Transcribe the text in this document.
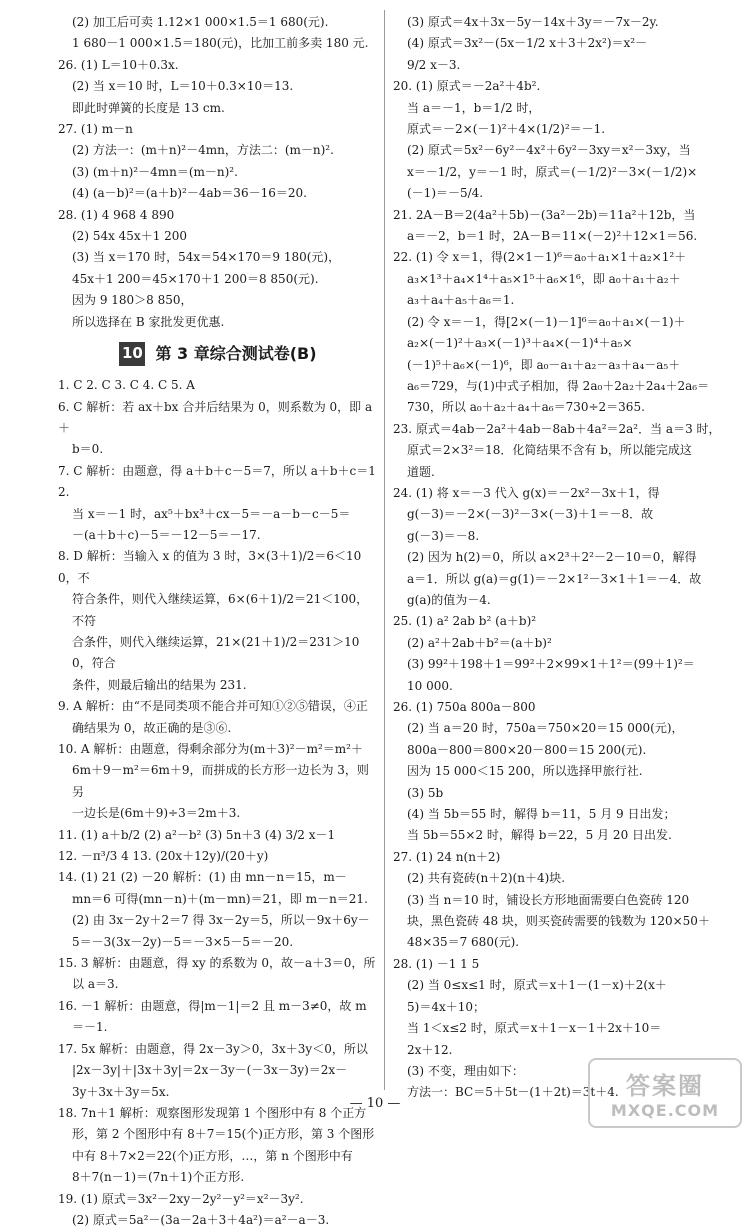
(2) 加工后可卖 1.12×1 000×1.5＝1 680(元).

1 680－1 000×1.5＝180(元)，比加工前多卖 180 元.

26. (1) L＝10＋0.3x.

(2) 当 x＝10 时，L＝10＋0.3×10＝13.

即此时弹簧的长度是 13 cm.

27. (1) m－n

(2) 方法一：(m＋n)²－4mn，方法二：(m－n)².

(3) (m＋n)²－4mn＝(m－n)².

(4) (a－b)²＝(a＋b)²－4ab＝36－16＝20.

28. (1) 4 968 4 890

(2) 54x 45x＋1 200

(3) 当 x＝170 时，54x＝54×170＝9 180(元)，

45x＋1 200＝45×170＋1 200＝8 850(元).

因为 9 180＞8 850，

所以选择在 B 家批发更优惠.

10 第 3 章综合测试卷(B)

1. C 2. C 3. C 4. C 5. A

6. C 解析：若 ax＋bx 合并后结果为 0，则系数为 0，即 a＋

b＝0.

7. C 解析：由题意，得 a＋b＋c－5＝7，所以 a＋b＋c＝12.

当 x＝－1 时，ax⁵＋bx³＋cx－5＝－a－b－c－5＝

－(a＋b＋c)－5＝－12－5＝－17.

8. D 解析：当输入 x 的值为 3 时，3×(3＋1)/2＝6＜100，不

符合条件，则代入继续运算，6×(6＋1)/2＝21＜100，不符

合条件，则代入继续运算，21×(21＋1)/2＝231＞100，符合

条件，则最后输出的结果为 231.

9. A 解析：由“不是同类项不能合并可知①②⑤错误，④正

确结果为 0，故正确的是③⑥.

10. A 解析：由题意，得剩余部分为(m＋3)²－m²＝m²＋

6m＋9－m²＝6m＋9，而拼成的长方形一边长为 3，则另

一边长是(6m＋9)÷3＝2m＋3.

11. (1) a＋b/2 (2) a²－b² (3) 5n＋3 (4) 3/2 x－1

12. －π³/3 4 13. (20x＋12y)/(20＋y)

14. (1) 21 (2) －20 解析：(1) 由 mn－n＝15，m－

mn＝6 可得(mn－n)＋(m－mn)＝21，即 m－n＝21.

(2) 由 3x－2y＋2＝7 得 3x－2y＝5，所以－9x＋6y－

5＝－3(3x－2y)－5＝－3×5－5＝－20.

15. 3 解析：由题意，得 xy 的系数为 0，故－a＋3＝0，所

以 a＝3.

16. －1 解析：由题意，得|m－1|＝2 且 m－3≠0，故 m

＝－1.

17. 5x 解析：由题意，得 2x－3y＞0，3x＋3y＜0，所以

|2x－3y|＋|3x＋3y|＝2x－3y－(－3x－3y)＝2x－

3y＋3x＋3y＝5x.

18. 7n＋1 解析：观察图形发现第 1 个图形中有 8 个正方

形，第 2 个图形中有 8＋7＝15(个)正方形，第 3 个图形

中有 8＋7×2＝22(个)正方形，…，第 n 个图形中有

8＋7(n－1)＝(7n＋1)个正方形.

19. (1) 原式＝3x²－2xy－2y²－y²＝x²－3y².

(2) 原式＝5a²－(3a－2a＋3＋4a²)＝a²－a－3.

(3) 原式＝4x＋3x－5y－14x＋3y＝－7x－2y.

(4) 原式＝3x²－(5x－1/2 x＋3＋2x²)＝x²－

9/2 x－3.

20. (1) 原式＝－2a²＋4b².

当 a＝－1，b＝1/2 时，

原式＝－2×(－1)²＋4×(1/2)²＝－1.

(2) 原式＝5x²－6y²－4x²＋6y²－3xy＝x²－3xy，当

x＝－1/2，y＝－1 时，原式＝(－1/2)²－3×(－1/2)×

(－1)＝－5/4.

21. 2A－B＝2(4a²＋5b)－(3a²－2b)＝11a²＋12b，当

a＝－2，b＝1 时，2A－B＝11×(－2)²＋12×1＝56.

22. (1) 令 x＝1，得(2×1－1)⁶＝a₀＋a₁×1＋a₂×1²＋

a₃×1³＋a₄×1⁴＋a₅×1⁵＋a₆×1⁶，即 a₀＋a₁＋a₂＋

a₃＋a₄＋a₅＋a₆＝1.

(2) 令 x＝－1，得[2×(－1)－1]⁶＝a₀＋a₁×(－1)＋

a₂×(－1)²＋a₃×(－1)³＋a₄×(－1)⁴＋a₅×

(－1)⁵＋a₆×(－1)⁶，即 a₀－a₁＋a₂－a₃＋a₄－a₅＋

a₆＝729，与(1)中式子相加，得 2a₀＋2a₂＋2a₄＋2a₆＝

730，所以 a₀＋a₂＋a₄＋a₆＝730÷2＝365.

23. 原式＝4ab－2a²＋4ab－8ab＋4a²＝2a²．当 a＝3 时，

原式＝2×3²＝18．化简结果不含有 b，所以能完成这

道题.

24. (1) 将 x＝－3 代入 g(x)＝－2x²－3x＋1，得

g(－3)＝－2×(－3)²－3×(－3)＋1＝－8．故

g(－3)＝－8.

(2) 因为 h(2)＝0，所以 a×2³＋2²－2－10＝0，解得

a＝1．所以 g(a)＝g(1)＝－2×1²－3×1＋1＝－4．故

g(a)的值为－4.

25. (1) a² 2ab b² (a＋b)²

(2) a²＋2ab＋b²＝(a＋b)²

(3) 99²＋198＋1＝99²＋2×99×1＋1²＝(99＋1)²＝

10 000.

26. (1) 750a 800a－800

(2) 当 a＝20 时，750a＝750×20＝15 000(元)，

800a－800＝800×20－800＝15 200(元).

因为 15 000＜15 200，所以选择甲旅行社.

(3) 5b

(4) 当 5b＝55 时，解得 b＝11，5 月 9 日出发；

当 5b＝55×2 时，解得 b＝22，5 月 20 日出发.

27. (1) 24 n(n＋2)

(2) 共有瓷砖(n＋2)(n＋4)块.

(3) 当 n＝10 时，铺设长方形地面需要白色瓷砖 120

块，黑色瓷砖 48 块，则买瓷砖需要的钱数为 120×50＋

48×35＝7 680(元).

28. (1) －1 1 5

(2) 当 0≤x≤1 时，原式＝x＋1－(1－x)＋2(x＋

5)＝4x＋10；

当 1＜x≤2 时，原式＝x＋1－x－1＋2x＋10＝

2x＋12.

(3) 不变，理由如下：

方法一：BC＝5＋5t－(1＋2t)＝3t＋4.

— 10 —
答案圈
MXQE.COM
